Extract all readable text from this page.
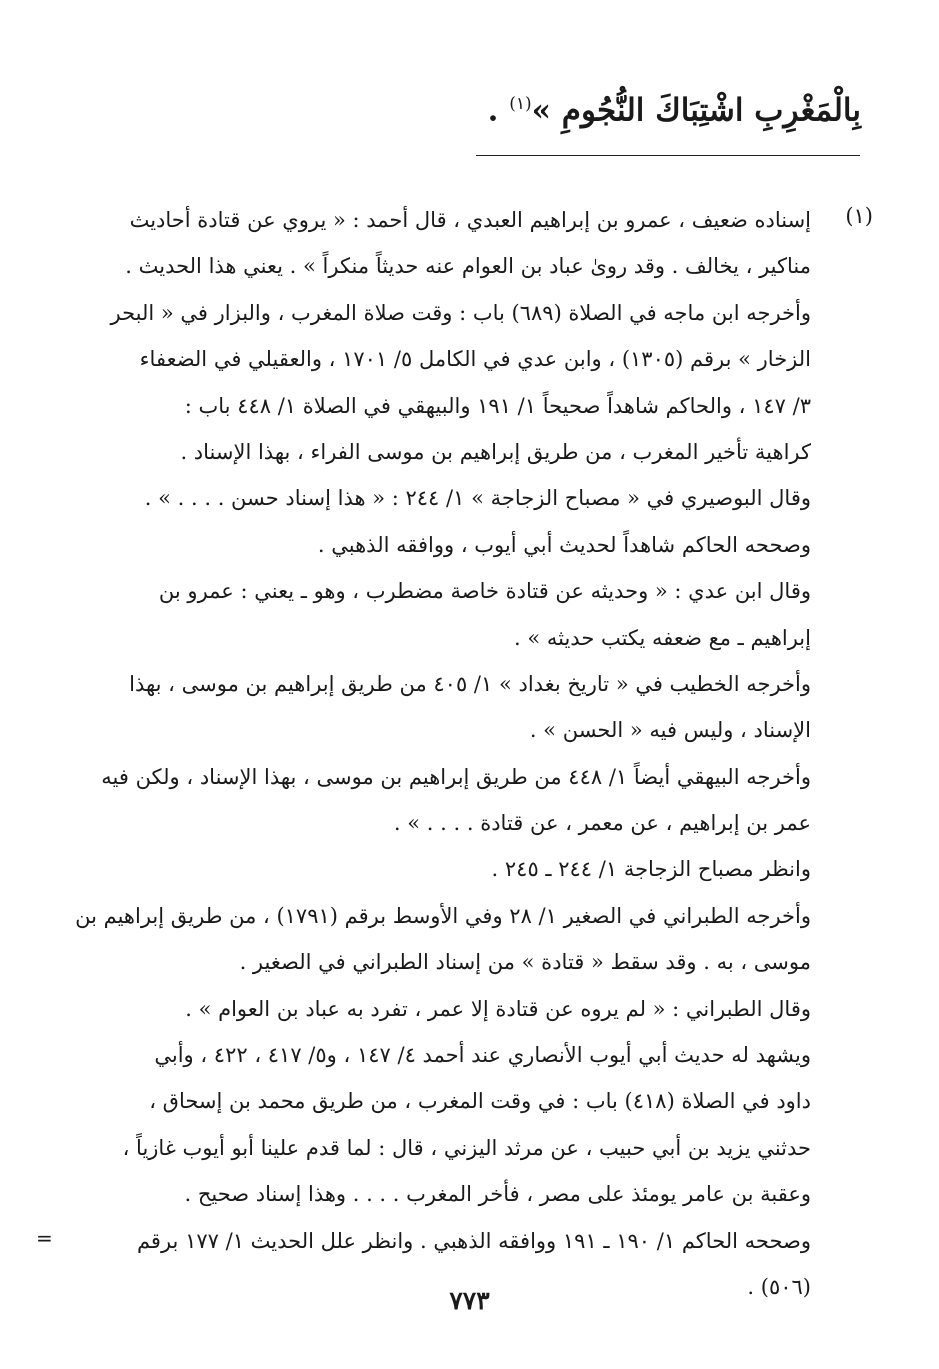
بِالْمَغْرِبِ اشْتِبَاكَ النُّجُومِ »$^{(١)}$ .
(١)
إسناده ضعيف ، عمرو بن إبراهيم العبدي ، قال أحمد : « يروي عن قتادة أحاديث
مناكير ، يخالف . وقد روىٰ عباد بن العوام عنه حديثاً منكراً » . يعني هذا الحديث .
وأخرجه ابن ماجه في الصلاة (٦٨٩) باب : وقت صلاة المغرب ، والبزار في « البحر
الزخار » برقم (١٣٠٥) ، وابن عدي في الكامل ٥/ ١٧٠١ ، والعقيلي في الضعفاء
٣/ ١٤٧ ، والحاكم شاهداً صحيحاً ١/ ١٩١ والبيهقي في الصلاة ١/ ٤٤٨ باب :
كراهية تأخير المغرب ، من طريق إبراهيم بن موسى الفراء ، بهذا الإسناد .
وقال البوصيري في « مصباح الزجاجة » ١/ ٢٤٤ : « هذا إسناد حسن . . . . » .
وصححه الحاكم شاهداً لحديث أبي أيوب ، ووافقه الذهبي .
وقال ابن عدي : « وحديثه عن قتادة خاصة مضطرب ، وهو ـ يعني : عمرو بن
إبراهيم ـ مع ضعفه يكتب حديثه » .
وأخرجه الخطيب في « تاريخ بغداد » ١/ ٤٠٥ من طريق إبراهيم بن موسى ، بهذا
الإسناد ، وليس فيه « الحسن » .
وأخرجه البيهقي أيضاً ١/ ٤٤٨ من طريق إبراهيم بن موسى ، بهذا الإسناد ، ولكن فيه
عمر بن إبراهيم ، عن معمر ، عن قتادة . . . . » .
وانظر مصباح الزجاجة ١/ ٢٤٤ ـ ٢٤٥ .
وأخرجه الطبراني في الصغير ١/ ٢٨ وفي الأوسط برقم (١٧٩١) ، من طريق إبراهيم بن
موسى ، به . وقد سقط « قتادة » من إسناد الطبراني في الصغير .
وقال الطبراني : « لم يروه عن قتادة إلا عمر ، تفرد به عباد بن العوام » .
ويشهد له حديث أبي أيوب الأنصاري عند أحمد ٤/ ١٤٧ ، و٥/ ٤١٧ ، ٤٢٢ ، وأبي
داود في الصلاة (٤١٨) باب : في وقت المغرب ، من طريق محمد بن إسحاق ،
حدثني يزيد بن أبي حبيب ، عن مرثد اليزني ، قال : لما قدم علينا أبو أيوب غازياً ،
وعقبة بن عامر يومئذ على مصر ، فأخر المغرب . . . . وهذا إسناد صحيح .
وصححه الحاكم ١/ ١٩٠ ـ ١٩١ ووافقه الذهبي . وانظر علل الحديث ١/ ١٧٧ برقم
(٥٠٦) .
=
٧٧٣
